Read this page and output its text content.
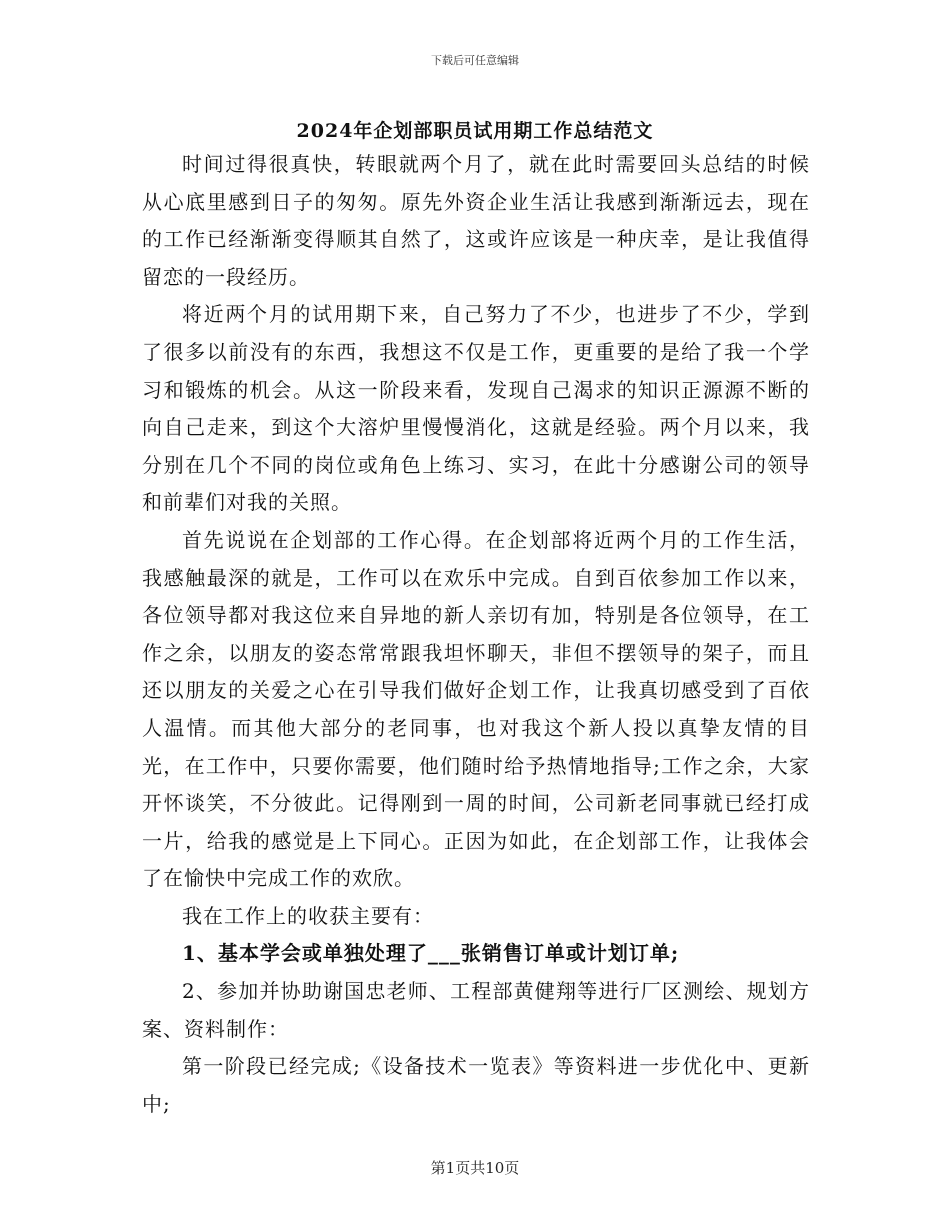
下载后可任意编辑
2024年企划部职员试用期工作总结范文

时间过得很真快，转眼就两个月了，就在此时需要回头总结的时候从心底里感到日子的匆匆。原先外资企业生活让我感到渐渐远去，现在的工作已经渐渐变得顺其自然了，这或许应该是一种庆幸，是让我值得留恋的一段经历。

将近两个月的试用期下来，自己努力了不少，也进步了不少，学到了很多以前没有的东西，我想这不仅是工作，更重要的是给了我一个学习和锻炼的机会。从这一阶段来看，发现自己渴求的知识正源源不断的向自己走来，到这个大溶炉里慢慢消化，这就是经验。两个月以来，我分别在几个不同的岗位或角色上练习、实习，在此十分感谢公司的领导和前辈们对我的关照。

首先说说在企划部的工作心得。在企划部将近两个月的工作生活，我感触最深的就是，工作可以在欢乐中完成。自到百依参加工作以来，各位领导都对我这位来自异地的新人亲切有加，特别是各位领导，在工作之余，以朋友的姿态常常跟我坦怀聊天，非但不摆领导的架子，而且还以朋友的关爱之心在引导我们做好企划工作，让我真切感受到了百依人温情。而其他大部分的老同事，也对我这个新人投以真挚友情的目光，在工作中，只要你需要，他们随时给予热情地指导;工作之余，大家开怀谈笑，不分彼此。记得刚到一周的时间，公司新老同事就已经打成一片，给我的感觉是上下同心。正因为如此，在企划部工作，让我体会了在愉快中完成工作的欢欣。

我在工作上的收获主要有：

1、基本学会或单独处理了___张销售订单或计划订单;

2、参加并协助谢国忠老师、工程部黄健翔等进行厂区测绘、规划方案、资料制作：

第一阶段已经完成;《设备技术一览表》等资料进一步优化中、更新中;

第1页共10页
